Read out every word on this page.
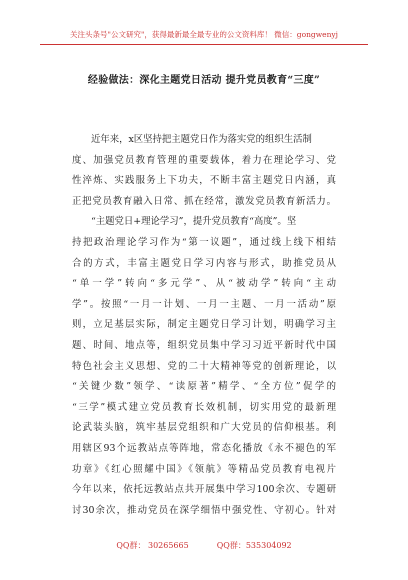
关注头条号"公文研究"，获得最新最全最专业的公文资料库！ 微信：gongwenyj
经验做法：深化主题党日活动 提升党员教育“三度”
近年来，x区坚持把主题党日作为落实党的组织生活制
度、加强党员教育管理的重要载体，着力在理论学习、党
性淬炼、实践服务上下功夫，不断丰富主题党日内涵，真
正把党员教育融入日常、抓在经常，激发党员教育新活力。
“主题党日+理论学习”，提升党员教育“高度”。坚
持把政治理论学习作为“第一议题”，通过线上线下相结
合的方式，丰富主题党日学习内容与形式，助推党员从
“单一学”转向“多元学”、从“被动学”转向“主动
学”。按照“一月一计划、一月一主题、一月一活动”原
则，立足基层实际，制定主题党日学习计划，明确学习主
题、时间、地点等，组织党员集中学习习近平新时代中国
特色社会主义思想、党的二十大精神等党的创新理论，以
“关键少数”领学、“读原著”精学、“全方位”促学的
“三学”模式建立党员教育长效机制，切实用党的最新理
论武装头脑，筑牢基层党组织和广大党员的信仰根基。利
用辖区93个远教站点等阵地，常态化播放《永不褪色的军
功章》《红心照耀中国》《领航》等精品党员教育电视片
今年以来，依托远教站点共开展集中学习100余次、专题研
讨30余次，推动党员在深学细悟中强党性、守初心。针对
QQ群： 30265665	QQ群：535304092
